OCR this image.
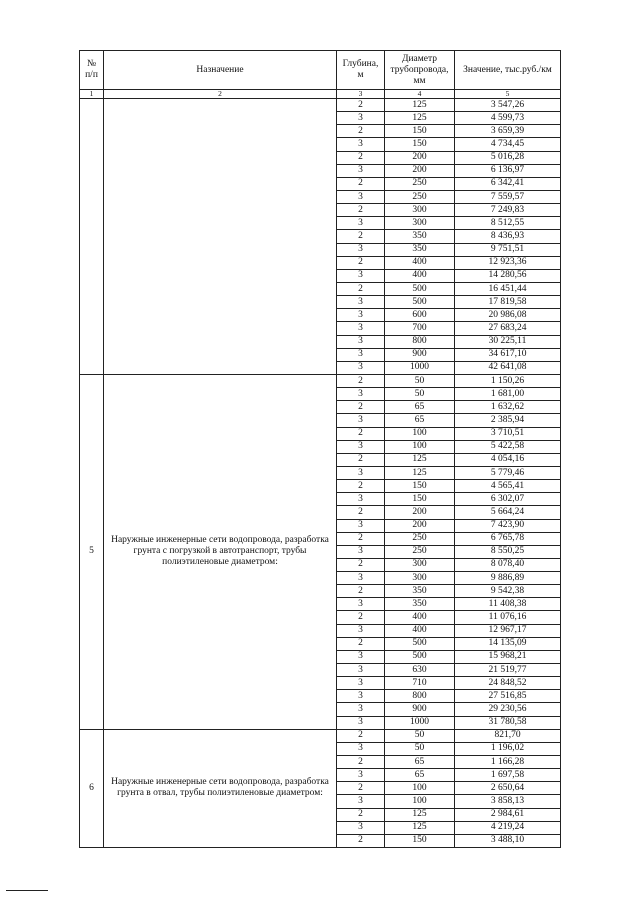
№ п/п	Назначение	Глубина, м	Диаметр трубопровода, мм	Значение, тыс.руб./км
1	2	3	4	5
		2	125	3 547,26
		3	125	4 599,73
		2	150	3 659,39
		3	150	4 734,45
		2	200	5 016,28
		3	200	6 136,97
		2	250	6 342,41
		3	250	7 559,57
		2	300	7 249,83
		3	300	8 512,55
		2	350	8 436,93
		3	350	9 751,51
		2	400	12 923,36
		3	400	14 280,56
		2	500	16 451,44
		3	500	17 819,58
		3	600	20 986,08
		3	700	27 683,24
		3	800	30 225,11
		3	900	34 617,10
		3	1000	42 641,08
5	Наружные инженерные сети водопровода, разработка грунта с погрузкой в автотранспорт, трубы полиэтиленовые диаметром:	2	50	1 150,26
		3	50	1 681,00
		2	65	1 632,62
		3	65	2 385,94
		2	100	3 710,51
		3	100	5 422,58
		2	125	4 054,16
		3	125	5 779,46
		2	150	4 565,41
		3	150	6 302,07
		2	200	5 664,24
		3	200	7 423,90
		2	250	6 765,78
		3	250	8 550,25
		2	300	8 078,40
		3	300	9 886,89
		2	350	9 542,38
		3	350	11 408,38
		2	400	11 076,16
		3	400	12 967,17
		2	500	14 135,09
		3	500	15 968,21
		3	630	21 519,77
		3	710	24 848,52
		3	800	27 516,85
		3	900	29 230,56
		3	1000	31 780,58
6	Наружные инженерные сети водопровода, разработка грунта в отвал, трубы полиэтиленовые диаметром:	2	50	821,70
		3	50	1 196,02
		2	65	1 166,28
		3	65	1 697,58
		2	100	2 650,64
		3	100	3 858,13
		2	125	2 984,61
		3	125	4 219,24
		2	150	3 488,10
